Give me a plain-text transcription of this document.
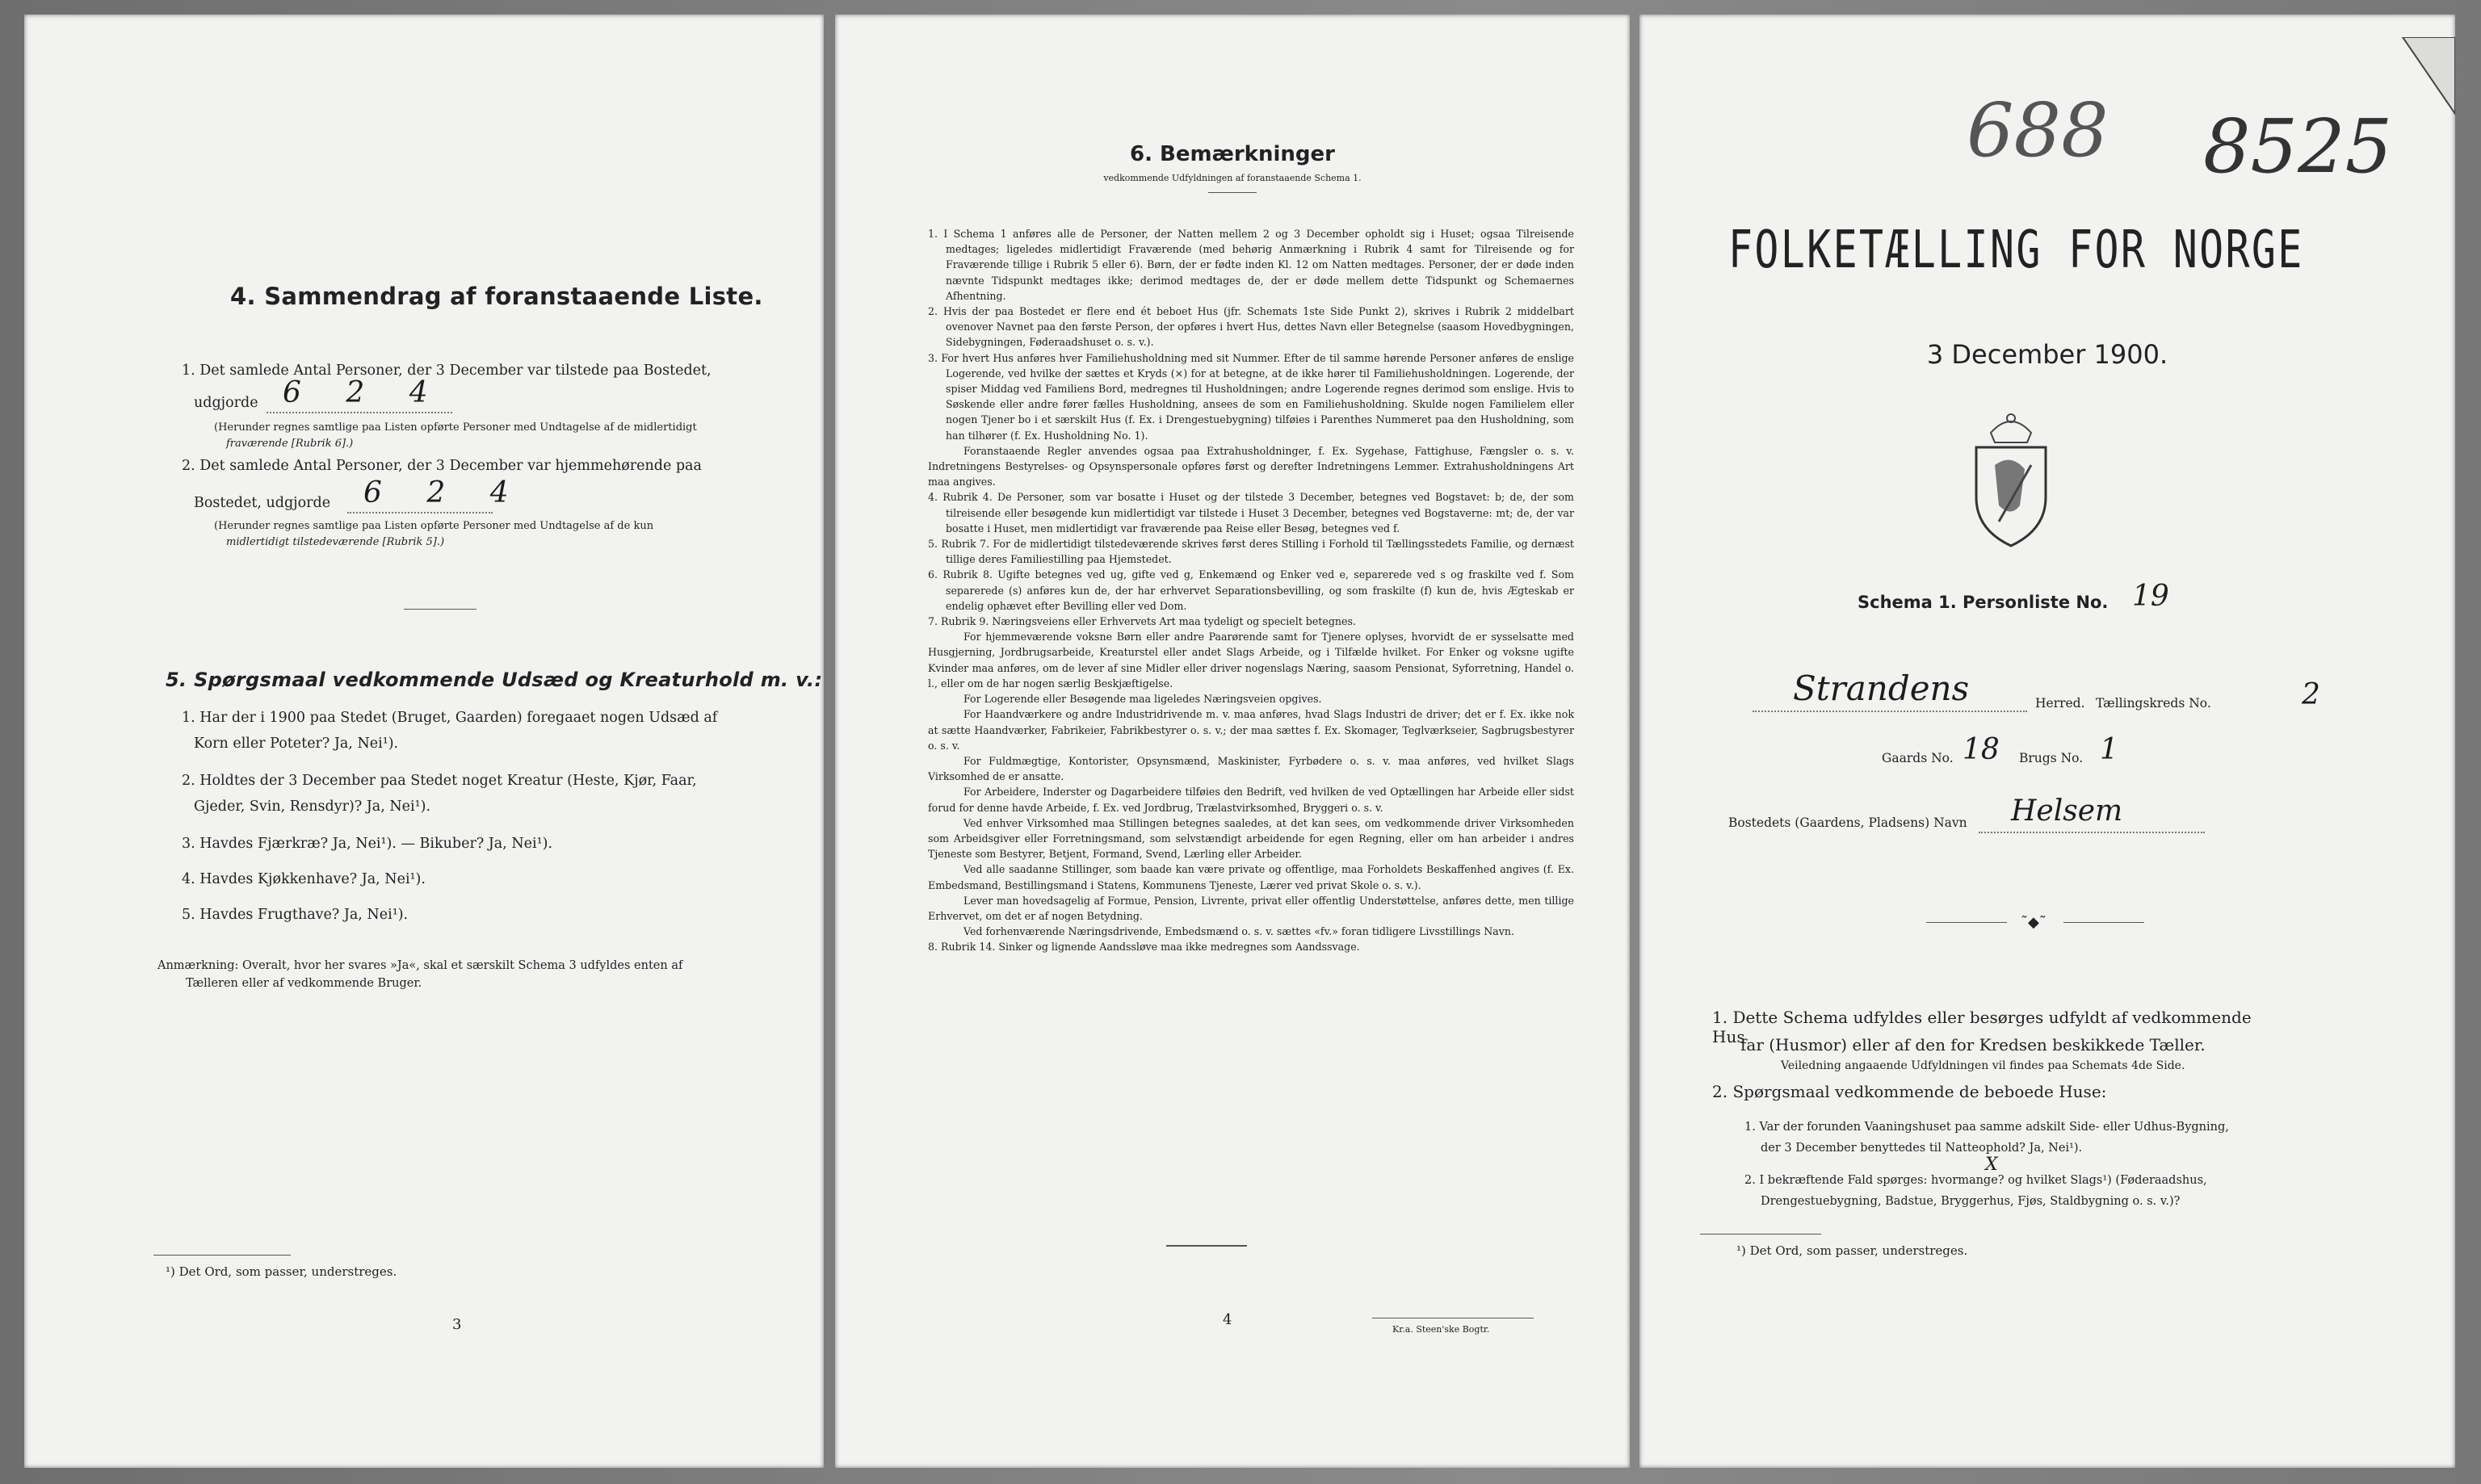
4. Sammendrag af foranstaaende Liste.
1. Det samlede Antal Personer, der 3 December var tilstede paa Bostedet,
udgjorde 6 2 4
(Herunder regnes samtlige paa Listen opførte Personer med Undtagelse af de midlertidigt
fraværende [Rubrik 6].)
2. Det samlede Antal Personer, der 3 December var hjemmehørende paa
Bostedet, udgjorde 6 2 4
(Herunder regnes samtlige paa Listen opførte Personer med Undtagelse af de kun
midlertidigt tilstedeværende [Rubrik 5].)
5. Spørgsmaal vedkommende Udsæd og Kreaturhold m. v.:
1. Har der i 1900 paa Stedet (Bruget, Gaarden) foregaaet nogen Udsæd af
Korn eller Poteter? Ja, Nei¹).
2. Holdtes der 3 December paa Stedet noget Kreatur (Heste, Kjør, Faar,
Gjeder, Svin, Rensdyr)? Ja, Nei¹).
3. Havdes Fjærkræ? Ja, Nei¹). — Bikuber? Ja, Nei¹).
4. Havdes Kjøkkenhave? Ja, Nei¹).
5. Havdes Frugthave? Ja, Nei¹).
Anmærkning: Overalt, hvor her svares »Ja«, skal et særskilt Schema 3 udfyldes enten af
Tælleren eller af vedkommende Bruger.
¹) Det Ord, som passer, understreges.
3
6. Bemærkninger
vedkommende Udfyldningen af foranstaaende Schema 1.

1. I Schema 1 anføres alle de Personer, der Natten mellem 2 og 3 December opholdt sig i Huset; ogsaa Tilreisende medtages; ligeledes midlertidigt Fraværende (med behørig Anmærkning i Rubrik 4 samt for Tilreisende og for Fraværende tillige i Rubrik 5 eller 6). Børn, der er fødte inden Kl. 12 om Natten medtages. Personer, der er døde inden nævnte Tidspunkt medtages ikke; derimod medtages de, der er døde mellem dette Tidspunkt og Schemaernes Afhentning.

2. Hvis der paa Bostedet er flere end ét beboet Hus (jfr. Schemats 1ste Side Punkt 2), skrives i Rubrik 2 middelbart ovenover Navnet paa den første Person, der opføres i hvert Hus, dettes Navn eller Betegnelse (saasom Hovedbygningen, Sidebygningen, Føderaadshuset o. s. v.).

3. For hvert Hus anføres hver Familiehusholdning med sit Nummer. Efter de til samme hørende Personer anføres de enslige Logerende, ved hvilke der sættes et Kryds (×) for at betegne, at de ikke hører til Familiehusholdningen. Logerende, der spiser Middag ved Familiens Bord, medregnes til Husholdningen; andre Logerende regnes derimod som enslige. Hvis to Søskende eller andre fører fælles Husholdning, ansees de som en Familiehusholdning. Skulde nogen Familielem eller nogen Tjener bo i et særskilt Hus (f. Ex. i Drengestuebygning) tilføies i Parenthes Nummeret paa den Husholdning, som han tilhører (f. Ex. Husholdning No. 1).

Foranstaaende Regler anvendes ogsaa paa Extrahusholdninger, f. Ex. Sygehase, Fattighuse, Fængsler o. s. v. Indretningens Bestyrelses- og Opsynspersonale opføres først og derefter Indretningens Lemmer. Extrahusholdningens Art maa angives.

4. Rubrik 4. De Personer, som var bosatte i Huset og der tilstede 3 December, betegnes ved Bogstavet: b; de, der som tilreisende eller besøgende kun midlertidigt var tilstede i Huset 3 December, betegnes ved Bogstaverne: mt; de, der var bosatte i Huset, men midlertidigt var fraværende paa Reise eller Besøg, betegnes ved f.

5. Rubrik 7. For de midlertidigt tilstedeværende skrives først deres Stilling i Forhold til Tællingsstedets Familie, og dernæst tillige deres Familiestilling paa Hjemstedet.

6. Rubrik 8. Ugifte betegnes ved ug, gifte ved g, Enkemænd og Enker ved e, separerede ved s og fraskilte ved f. Som separerede (s) anføres kun de, der har erhvervet Separationsbevilling, og som fraskilte (f) kun de, hvis Ægteskab er endelig ophævet efter Bevilling eller ved Dom.

7. Rubrik 9. Næringsveiens eller Erhvervets Art maa tydeligt og specielt betegnes.

For hjemmeværende voksne Børn eller andre Paarørende samt for Tjenere oplyses, hvorvidt de er sysselsatte med Husgjerning, Jordbrugsarbeide, Kreaturstel eller andet Slags Arbeide, og i Tilfælde hvilket. For Enker og voksne ugifte Kvinder maa anføres, om de lever af sine Midler eller driver nogenslags Næring, saasom Pensionat, Syforretning, Handel o. l., eller om de har nogen særlig Beskjæftigelse.

For Logerende eller Besøgende maa ligeledes Næringsveien opgives.

For Haandværkere og andre Industridrivende m. v. maa anføres, hvad Slags Industri de driver; det er f. Ex. ikke nok at sætte Haandværker, Fabrikeier, Fabrikbestyrer o. s. v.; der maa sættes f. Ex. Skomager, Teglværkseier, Sagbrugsbestyrer o. s. v.

For Fuldmægtige, Kontorister, Opsynsmænd, Maskinister, Fyrbødere o. s. v. maa anføres, ved hvilket Slags Virksomhed de er ansatte.

For Arbeidere, Inderster og Dagarbeidere tilføies den Bedrift, ved hvilken de ved Optællingen har Arbeide eller sidst forud for denne havde Arbeide, f. Ex. ved Jordbrug, Trælastvirksomhed, Bryggeri o. s. v.

Ved enhver Virksomhed maa Stillingen betegnes saaledes, at det kan sees, om vedkommende driver Virksomheden som Arbeidsgiver eller Forretningsmand, som selvstændigt arbeidende for egen Regning, eller om han arbeider i andres Tjeneste som Bestyrer, Betjent, Formand, Svend, Lærling eller Arbeider.

Ved alle saadanne Stillinger, som baade kan være private og offentlige, maa Forholdets Beskaffenhed angives (f. Ex. Embedsmand, Bestillingsmand i Statens, Kommunens Tjeneste, Lærer ved privat Skole o. s. v.).

Lever man hovedsagelig af Formue, Pension, Livrente, privat eller offentlig Understøttelse, anføres dette, men tillige Erhvervet, om det er af nogen Betydning.

Ved forhenværende Næringsdrivende, Embedsmænd o. s. v. sættes «fv.» foran tidligere Livsstillings Navn.

8. Rubrik 14. Sinker og lignende Aandssløve maa ikke medregnes som Aandssvage.

4
Kr.a. Steen'ske Bogtr.
688 8525
FOLKETÆLLING FOR NORGE
3 December 1900.
Schema 1. Personliste No. 19
Strandens	Herred. Tællingskreds No.	2
Gaards No. 18 Brugs No. 1
Bostedets (Gaardens, Pladsens) Navn Helsem
˜◆˜
1. Dette Schema udfyldes eller besørges udfyldt af vedkommende Hus
far (Husmor) eller af den for Kredsen beskikkede Tæller.
Veiledning angaaende Udfyldningen vil findes paa Schemats 4de Side.
2. Spørgsmaal vedkommende de beboede Huse:
1. Var der forunden Vaaningshuset paa samme adskilt Side- eller Udhus-Bygning,
der 3 December benyttedes til Natteophold? Ja, Nei¹).
2. I bekræftende Fald spørges: hvormange? og hvilket Slags¹) (Føderaadshus,
X
Drengestuebygning, Badstue, Bryggerhus, Fjøs, Staldbygning o. s. v.)?
¹) Det Ord, som passer, understreges.
